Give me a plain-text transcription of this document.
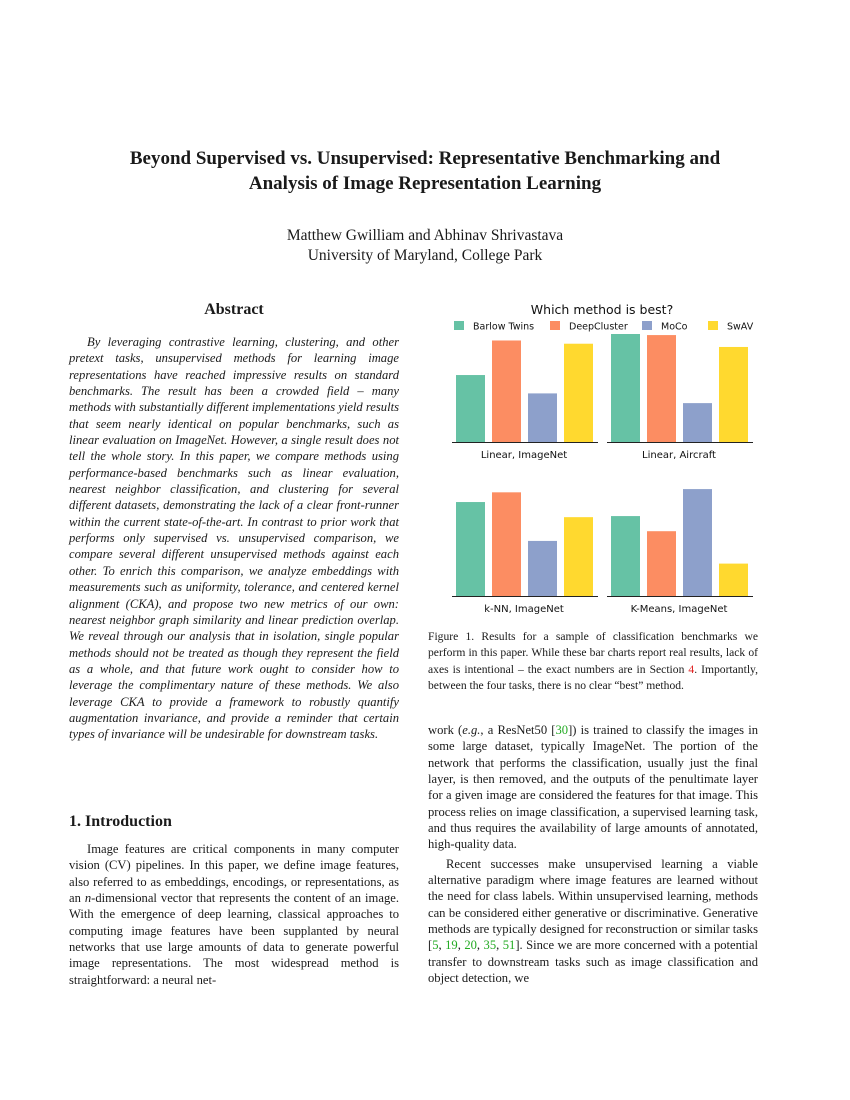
Beyond Supervised vs. Unsupervised: Representative Benchmarking and
Analysis of Image Representation Learning
Matthew Gwilliam and Abhinav Shrivastava
University of Maryland, College Park
Abstract
By leveraging contrastive learning, clustering, and other pretext tasks, unsupervised methods for learning image representations have reached impressive results on standard benchmarks. The result has been a crowded field – many methods with substantially different implementations yield results that seem nearly identical on popular benchmarks, such as linear evaluation on ImageNet. However, a single result does not tell the whole story. In this paper, we compare methods using performance-based benchmarks such as linear evaluation, nearest neighbor classification, and clustering for several different datasets, demonstrating the lack of a clear front-runner within the current state-of-the-art. In contrast to prior work that performs only supervised vs. unsupervised comparison, we compare several different unsupervised methods against each other. To enrich this comparison, we analyze embeddings with measurements such as uniformity, tolerance, and centered kernel alignment (CKA), and propose two new metrics of our own: nearest neighbor graph similarity and linear prediction overlap. We reveal through our analysis that in isolation, single popular methods should not be treated as though they represent the field as a whole, and that future work ought to consider how to leverage the complimentary nature of these methods. We also leverage CKA to provide a framework to robustly quantify augmentation invariance, and provide a reminder that certain types of invariance will be undesirable for downstream tasks.
1. Introduction

Image features are critical components in many computer vision (CV) pipelines. In this paper, we define image features, also referred to as embeddings, encodings, or representations, as an n-dimensional vector that represents the content of an image. With the emergence of deep learning, classical approaches to computing image features have been supplanted by neural networks that use large amounts of data to generate powerful image representations. The most widespread method is straightforward: a neural net-

Which method is best?
Barlow Twins	DeepCluster	MoCo	SwAV
Linear, ImageNet	Linear, Aircraft
k-NN, ImageNet	K-Means, ImageNet
Figure 1. Results for a sample of classification benchmarks we perform in this paper. While these bar charts report real results, lack of axes is intentional – the exact numbers are in Section 4. Importantly, between the four tasks, there is no clear “best” method.

work (e.g., a ResNet50 [30]) is trained to classify the images in some large dataset, typically ImageNet. The portion of the network that performs the classification, usually just the final layer, is then removed, and the outputs of the penultimate layer for a given image are considered the features for that image. This process relies on image classification, a supervised learning task, and thus requires the availability of large amounts of annotated, high-quality data.

Recent successes make unsupervised learning a viable alternative paradigm where image features are learned without the need for class labels. Within unsupervised learning, methods can be considered either generative or discriminative. Generative methods are typically designed for reconstruction or similar tasks [5, 19, 20, 35, 51]. Since we are more concerned with a potential transfer to downstream tasks such as image classification and object detection, we
